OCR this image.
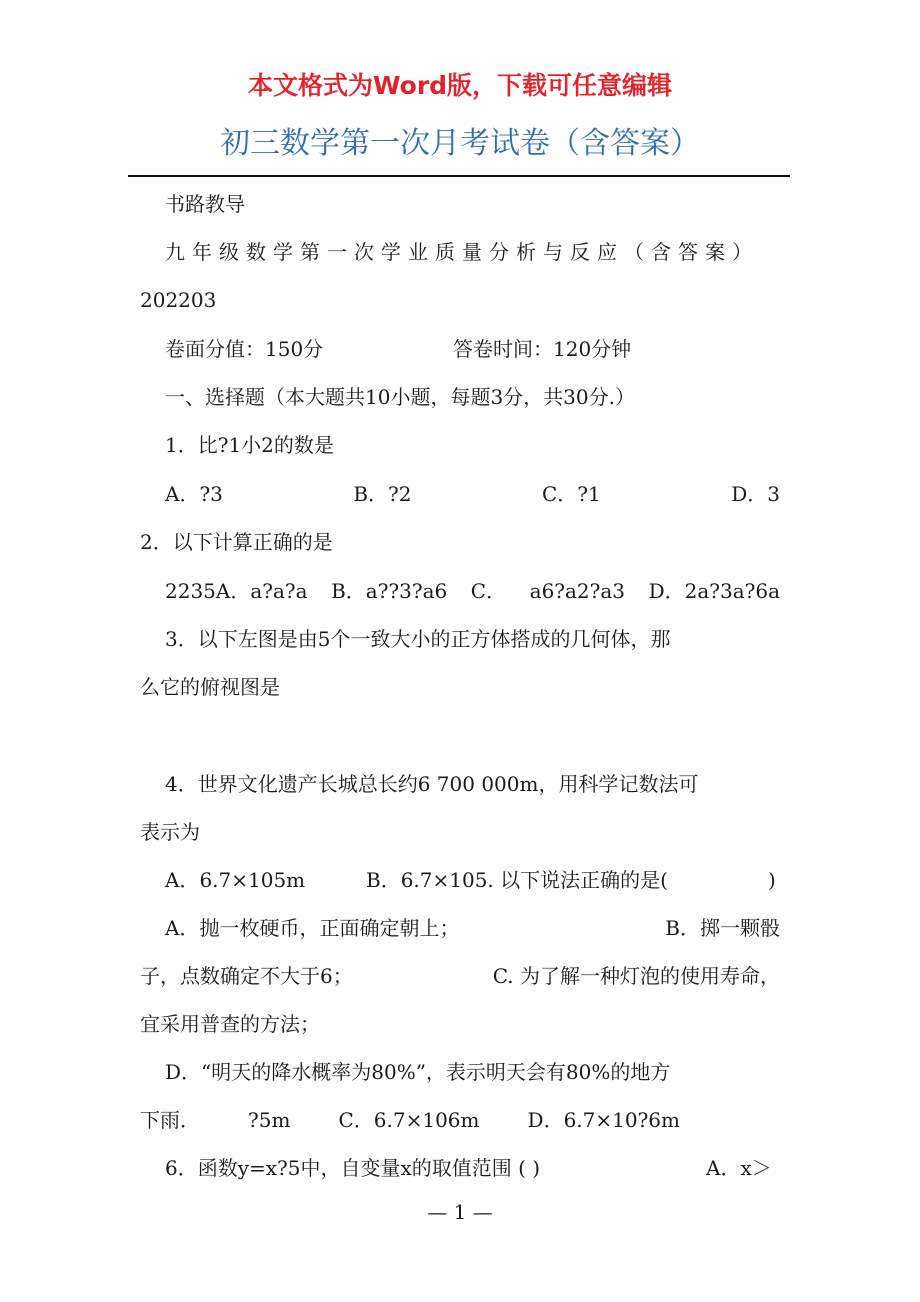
本文格式为Word版，下载可任意编辑
初三数学第一次月考试卷（含答案）
书路教导
九年级数学第一次学业质量分析与反应（含答案）
202203
卷面分值：150分	答卷时间：120分钟
一、选择题（本大题共10小题，每题3分，共30分.）
1．比?1小2的数是
A．?3	B．?2	C．?1	D．3
2．以下计算正确的是
2235A．a?a?a B．a??3?a6 C． a6?a2?a3 D．2a?3a?6a
3．以下左图是由5个一致大小的正方体搭成的几何体，那
么它的俯视图是
4．世界文化遗产长城总长约6 700 000m，用科学记数法可
表示为
A．6.7×105m	B．6.7×105. 以下说法正确的是(	)
A．抛一枚硬币，正面确定朝上；	B．掷一颗骰
子，点数确定不大于6；	C. 为了解一种灯泡的使用寿命，
宜采用普查的方法；
D．“明天的降水概率为80%”，表示明天会有80%的地方
下雨． ?5m C．6.7×106m D．6.7×10?6m
6．函数y=x?5中，自变量x的取值范围 ( )	A．x＞
— 1 —
